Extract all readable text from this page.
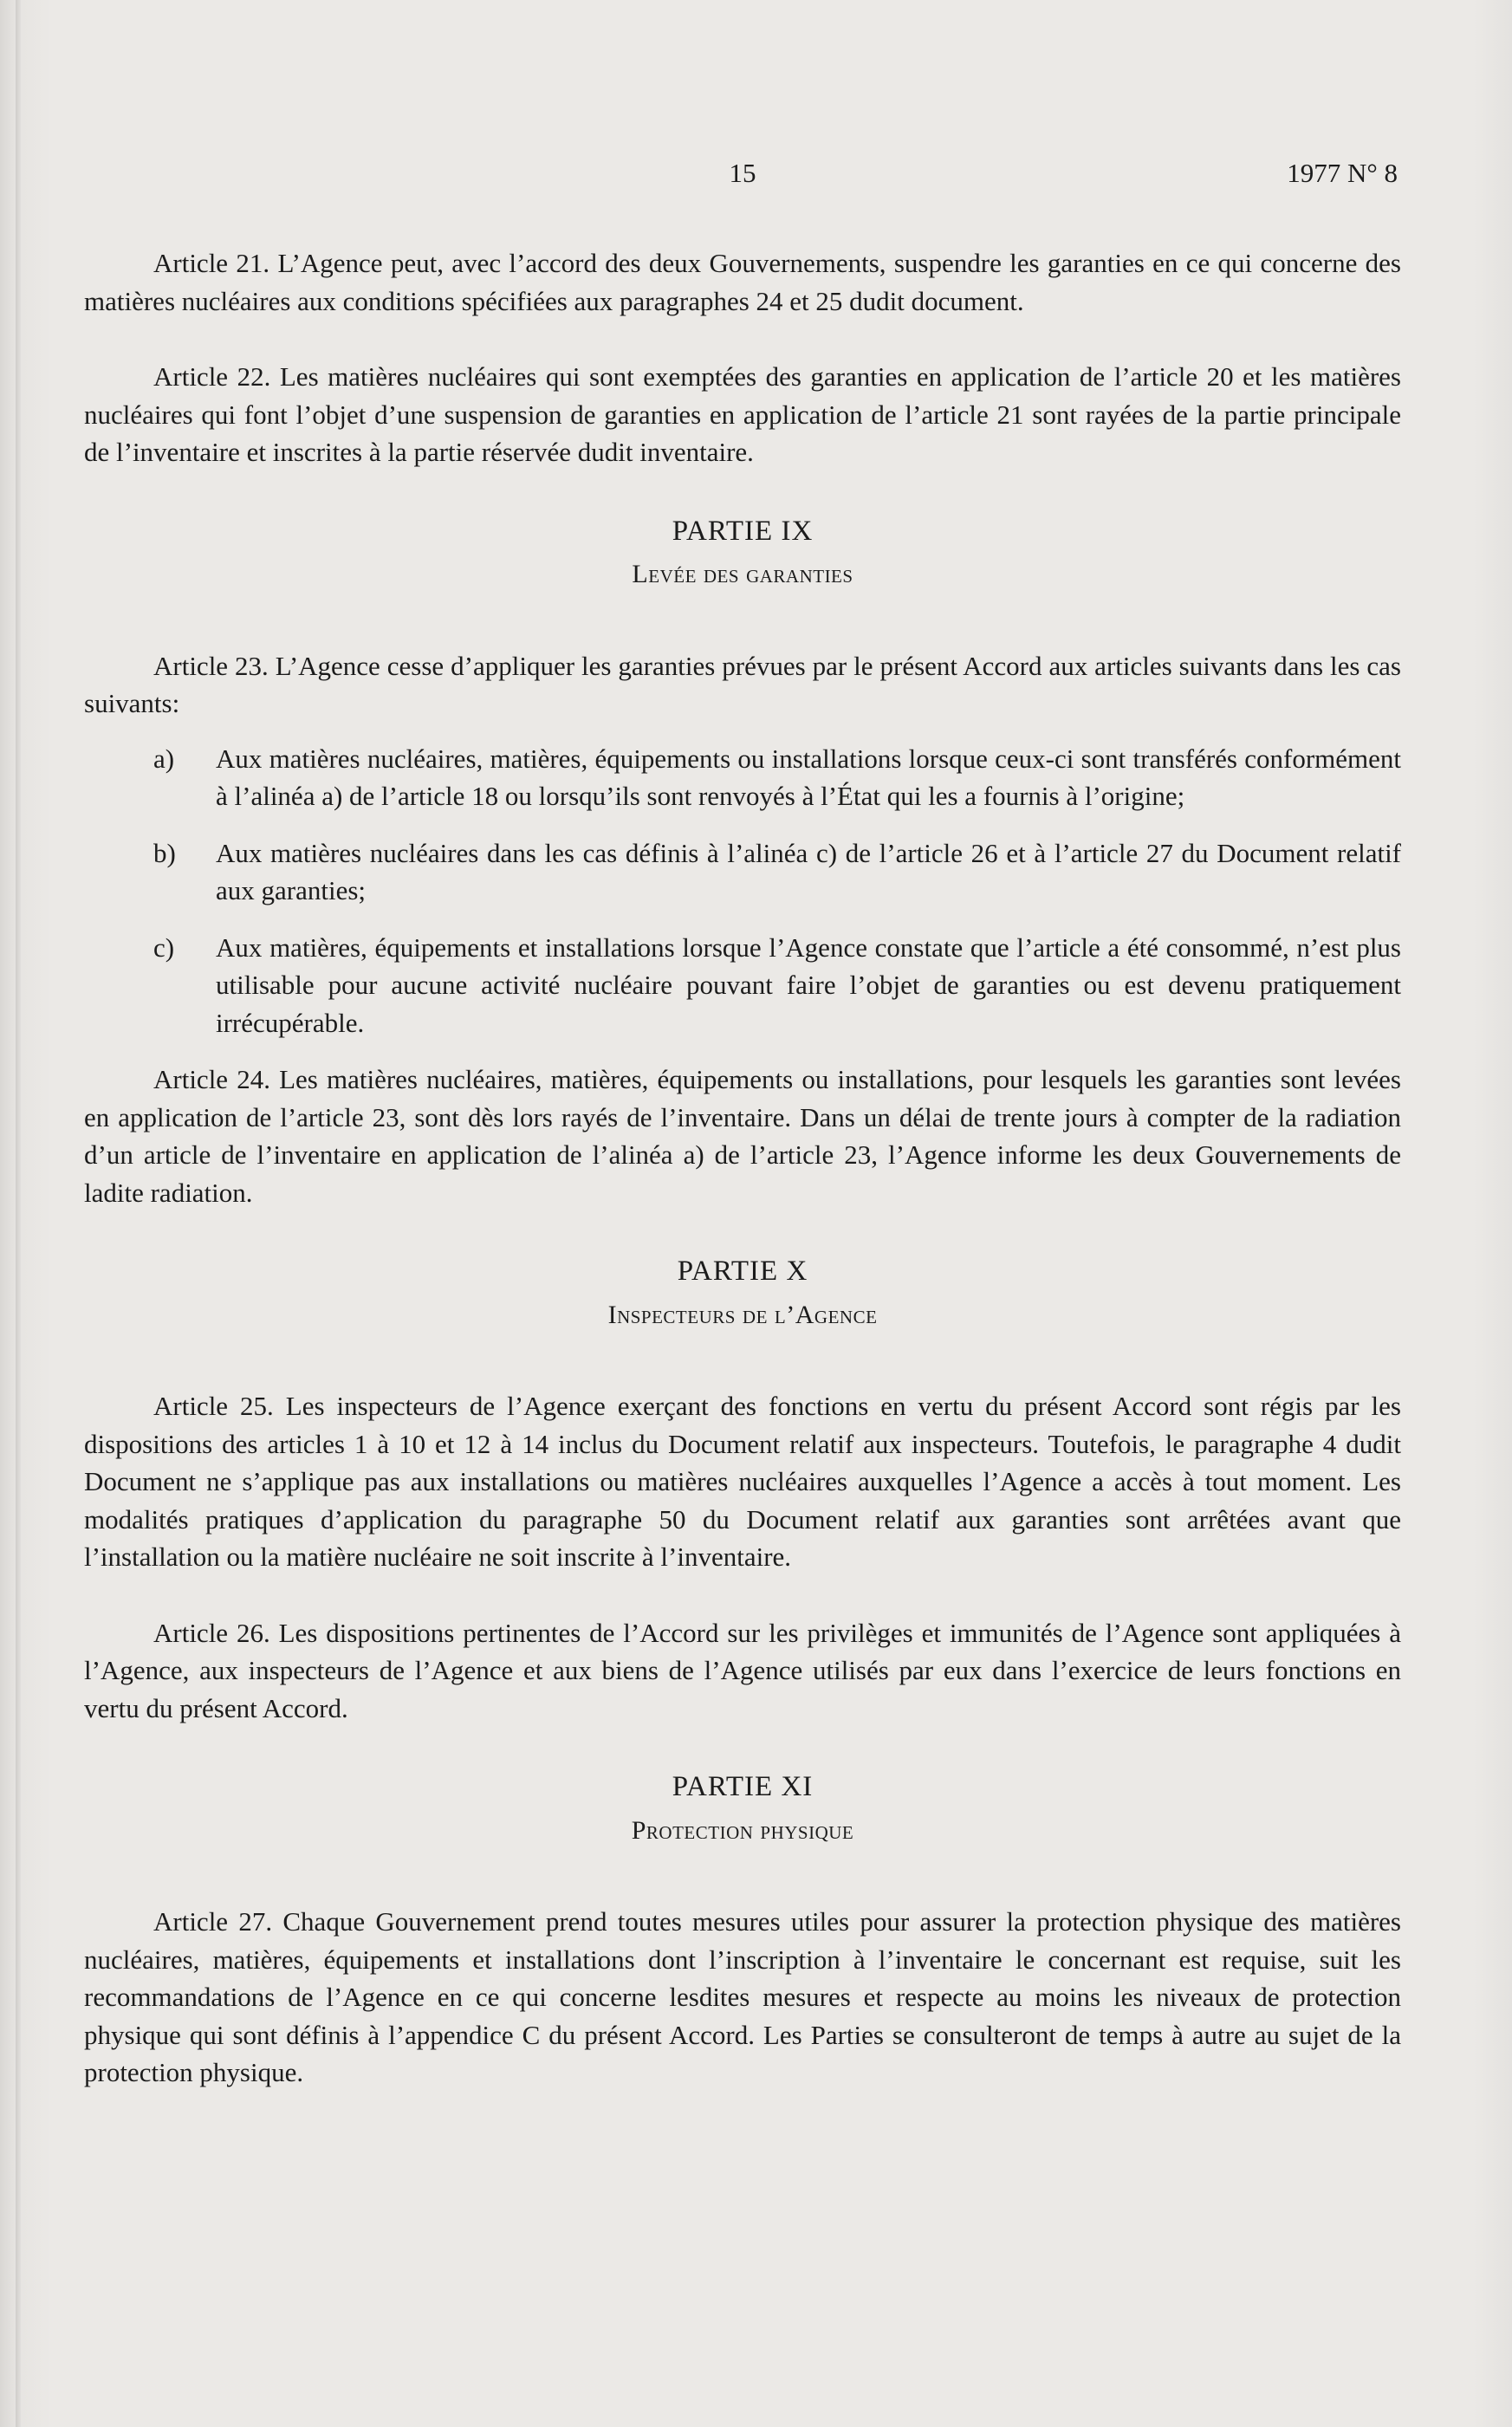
15	1977 N° 8

Article 21. L’Agence peut, avec l’accord des deux Gouvernements, suspendre les garanties en ce qui concerne des matières nucléaires aux conditions spécifiées aux paragraphes 24 et 25 dudit document.

Article 22. Les matières nucléaires qui sont exemptées des garanties en application de l’article 20 et les matières nucléaires qui font l’objet d’une suspension de garanties en application de l’article 21 sont rayées de la partie principale de l’inventaire et inscrites à la partie réservée dudit inventaire.

PARTIE IX
Levée des garanties

Article 23. L’Agence cesse d’appliquer les garanties prévues par le présent Accord aux articles suivants dans les cas suivants:

a)	Aux matières nucléaires, matières, équipements ou installations lorsque ceux-ci sont transférés conformément à l’alinéa a) de l’article 18 ou lorsqu’ils sont renvoyés à l’État qui les a fournis à l’origine;
b)	Aux matières nucléaires dans les cas définis à l’alinéa c) de l’article 26 et à l’article 27 du Document relatif aux garanties;
c)	Aux matières, équipements et installations lorsque l’Agence constate que l’article a été consommé, n’est plus utilisable pour aucune activité nucléaire pouvant faire l’objet de garanties ou est devenu pratiquement irrécupérable.

Article 24. Les matières nucléaires, matières, équipements ou installations, pour lesquels les garanties sont levées en application de l’article 23, sont dès lors rayés de l’inventaire. Dans un délai de trente jours à compter de la radiation d’un article de l’inventaire en application de l’alinéa a) de l’article 23, l’Agence informe les deux Gouvernements de ladite radiation.

PARTIE X
Inspecteurs de l’Agence

Article 25. Les inspecteurs de l’Agence exerçant des fonctions en vertu du présent Accord sont régis par les dispositions des articles 1 à 10 et 12 à 14 inclus du Document relatif aux inspecteurs. Toutefois, le paragraphe 4 dudit Document ne s’applique pas aux installations ou matières nucléaires auxquelles l’Agence a accès à tout moment. Les modalités pratiques d’application du paragraphe 50 du Document relatif aux garanties sont arrêtées avant que l’installation ou la matière nucléaire ne soit inscrite à l’inventaire.

Article 26. Les dispositions pertinentes de l’Accord sur les privilèges et immunités de l’Agence sont appliquées à l’Agence, aux inspecteurs de l’Agence et aux biens de l’Agence utilisés par eux dans l’exercice de leurs fonctions en vertu du présent Accord.

PARTIE XI
Protection physique

Article 27. Chaque Gouvernement prend toutes mesures utiles pour assurer la protection physique des matières nucléaires, matières, équipements et installations dont l’inscription à l’inventaire le concernant est requise, suit les recommandations de l’Agence en ce qui concerne lesdites mesures et respecte au moins les niveaux de protection physique qui sont définis à l’appendice C du présent Accord. Les Parties se consulteront de temps à autre au sujet de la protection physique.
